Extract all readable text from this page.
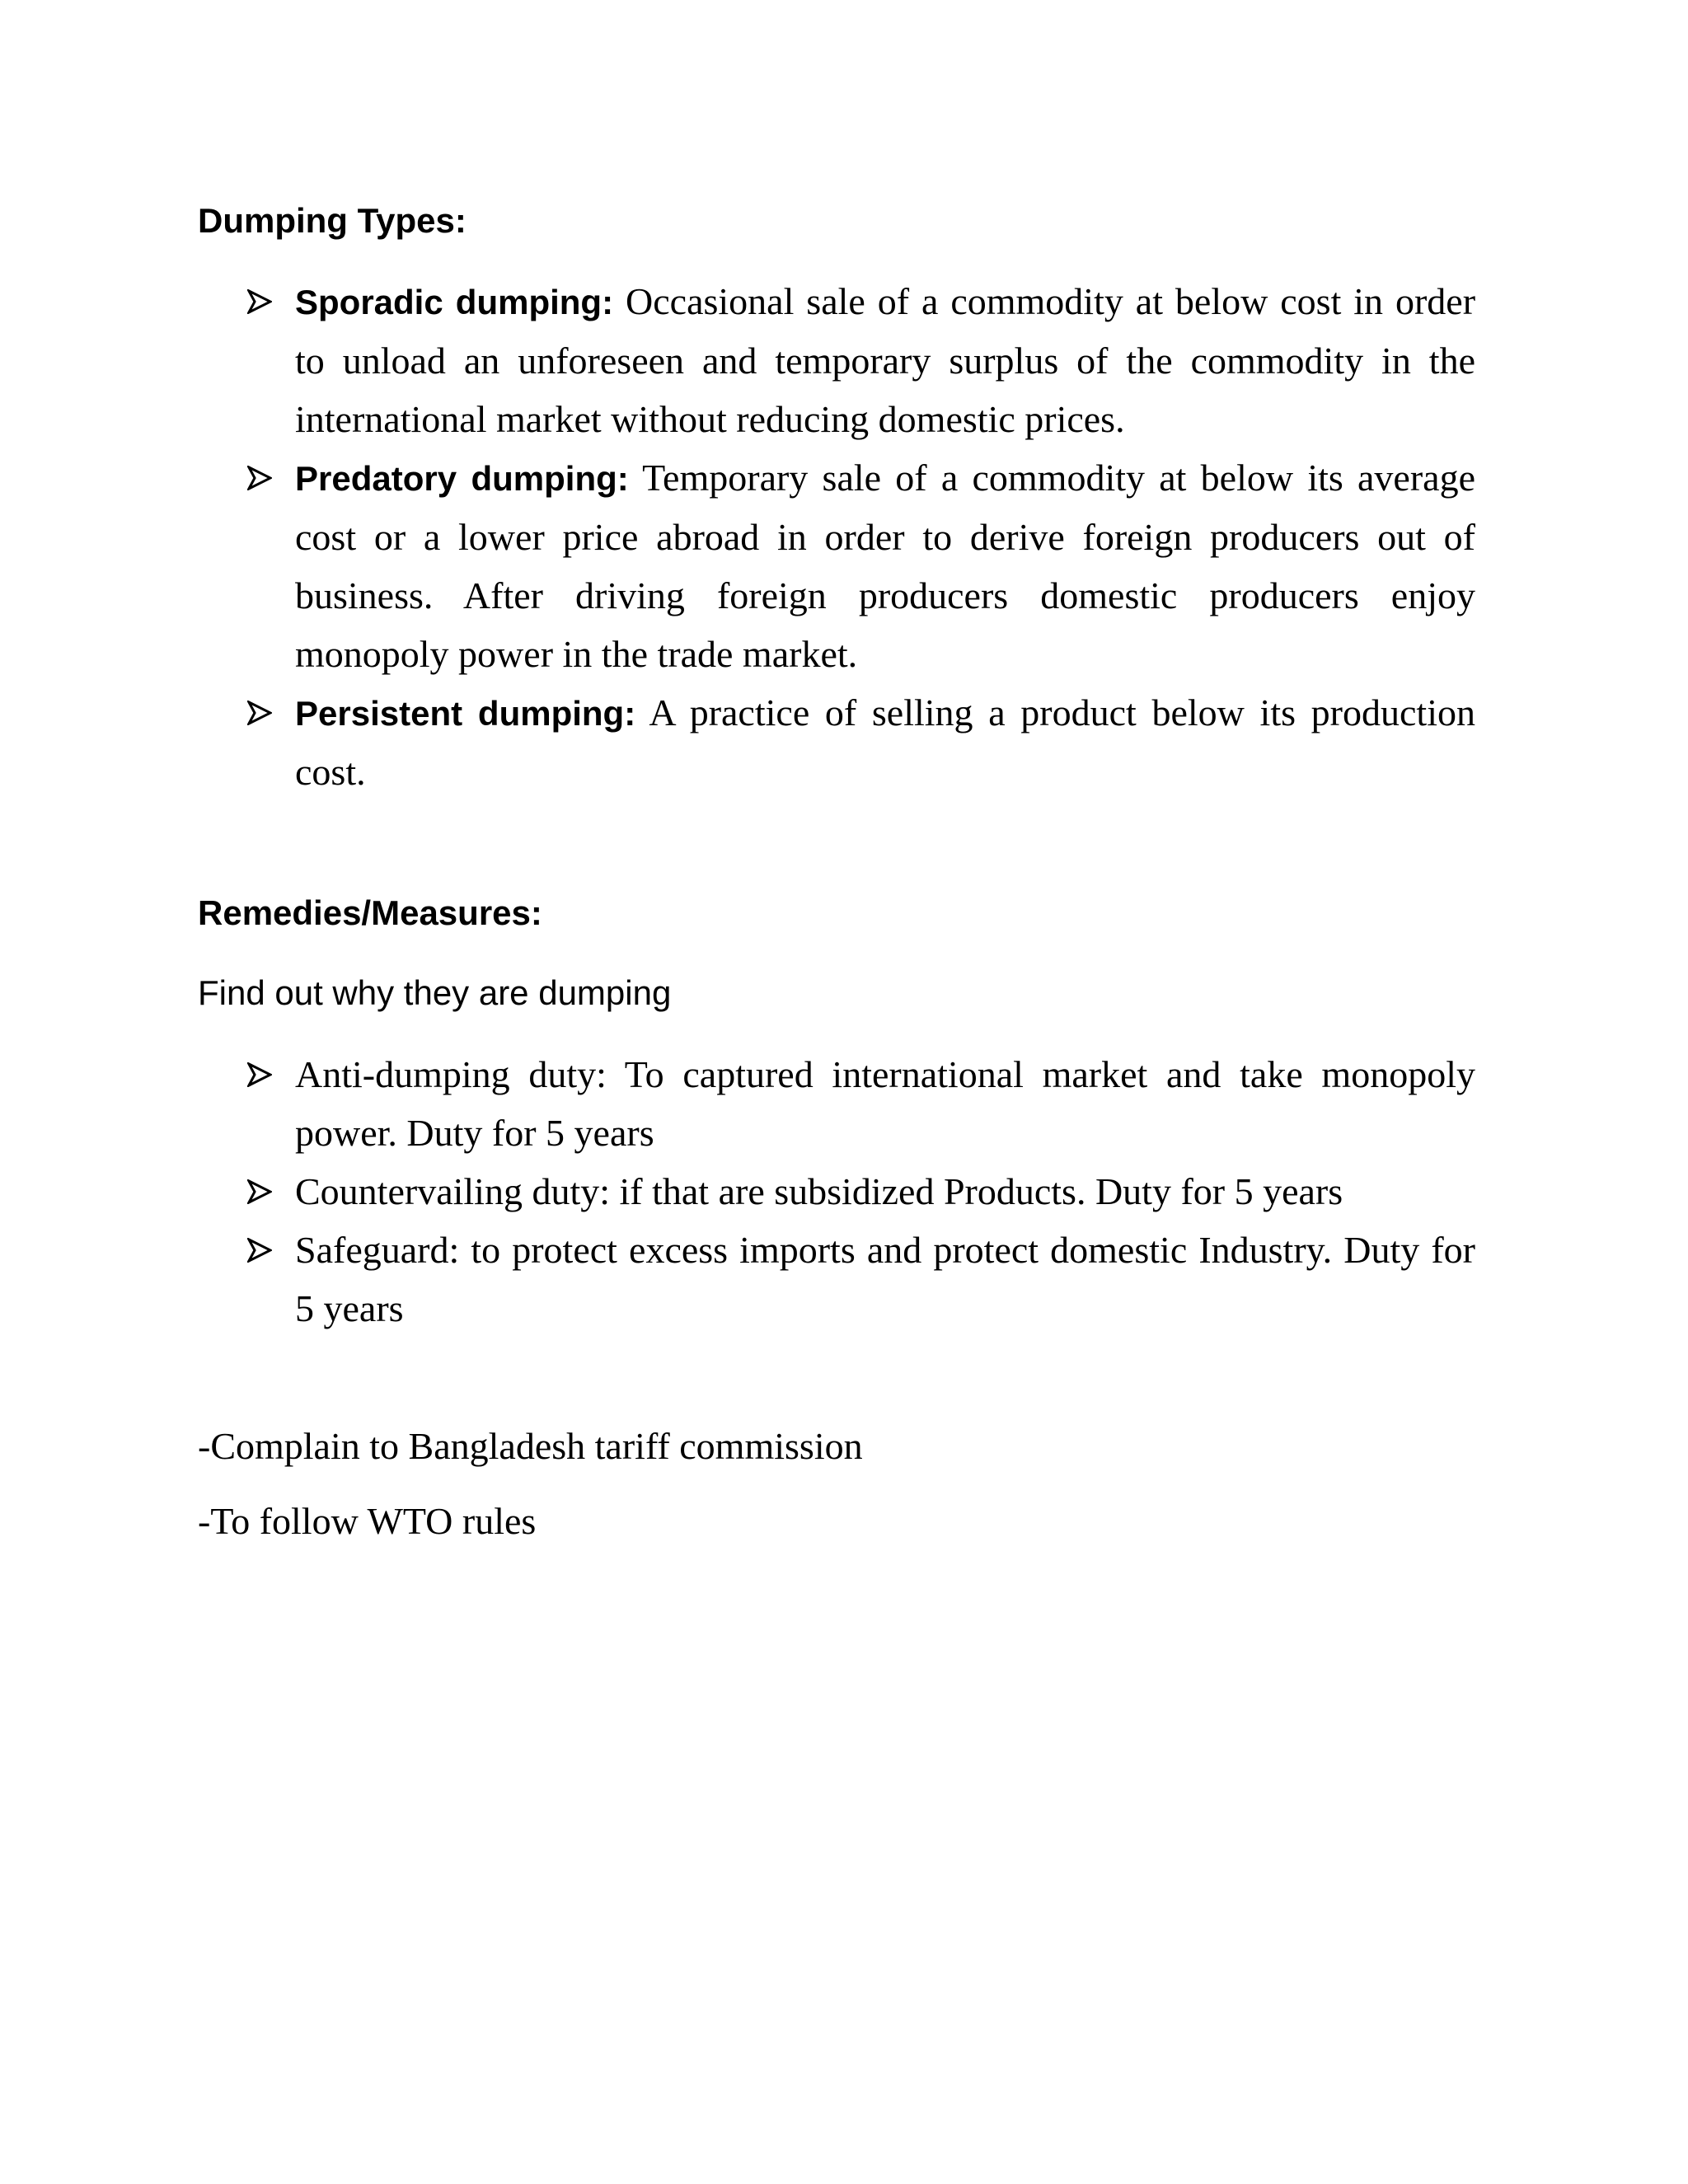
Dumping Types:
Sporadic dumping: Occasional sale of a commodity at below cost in order to unload an unforeseen and temporary surplus of the commodity in the international market without reducing domestic prices.
Predatory dumping: Temporary sale of a commodity at below its average cost or a lower price abroad in order to derive foreign producers out of business. After driving foreign producers domestic producers enjoy monopoly power in the trade market.
Persistent dumping: A practice of selling a product below its production cost.
Remedies/Measures:
Find out why they are dumping
Anti-dumping duty: To captured international market and take monopoly power. Duty for 5 years
Countervailing duty: if that are subsidized Products. Duty for 5 years
Safeguard: to protect excess imports and protect domestic Industry. Duty for 5 years
-Complain to Bangladesh tariff commission
-To follow WTO rules
